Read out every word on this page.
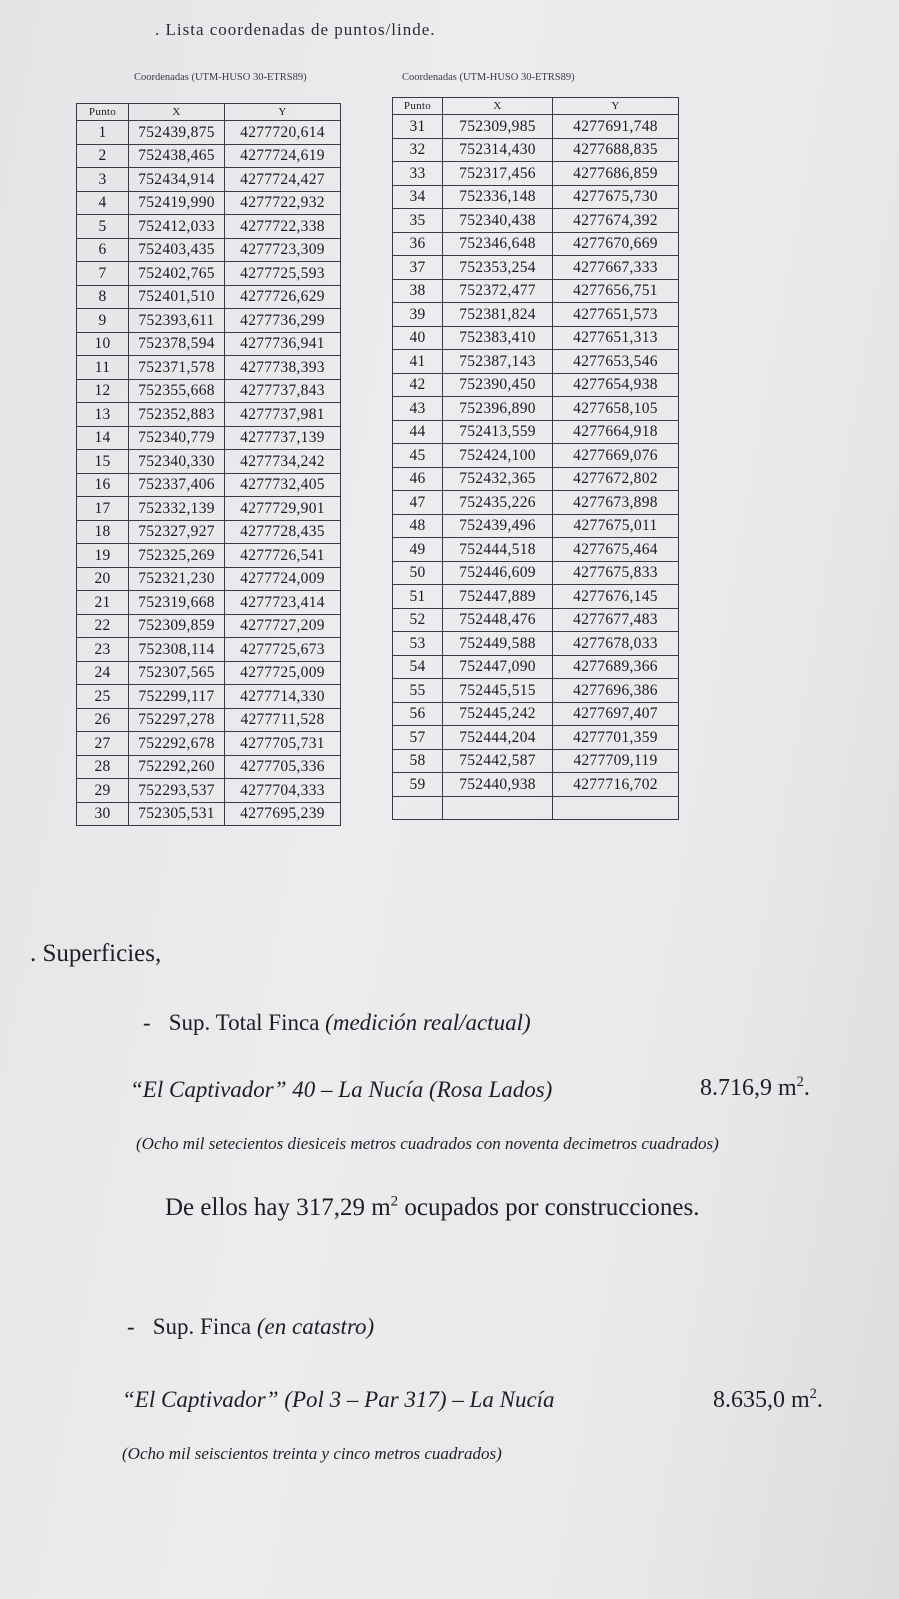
. Lista coordenadas de puntos/linde.
Coordenadas (UTM-HUSO 30-ETRS89)	Coordenadas (UTM-HUSO 30-ETRS89)
Punto	X	Y
1	752439,875	4277720,614
2	752438,465	4277724,619
3	752434,914	4277724,427
4	752419,990	4277722,932
5	752412,033	4277722,338
6	752403,435	4277723,309
7	752402,765	4277725,593
8	752401,510	4277726,629
9	752393,611	4277736,299
10	752378,594	4277736,941
11	752371,578	4277738,393
12	752355,668	4277737,843
13	752352,883	4277737,981
14	752340,779	4277737,139
15	752340,330	4277734,242
16	752337,406	4277732,405
17	752332,139	4277729,901
18	752327,927	4277728,435
19	752325,269	4277726,541
20	752321,230	4277724,009
21	752319,668	4277723,414
22	752309,859	4277727,209
23	752308,114	4277725,673
24	752307,565	4277725,009
25	752299,117	4277714,330
26	752297,278	4277711,528
27	752292,678	4277705,731
28	752292,260	4277705,336
29	752293,537	4277704,333
30	752305,531	4277695,239
Punto	X	Y
31	752309,985	4277691,748
32	752314,430	4277688,835
33	752317,456	4277686,859
34	752336,148	4277675,730
35	752340,438	4277674,392
36	752346,648	4277670,669
37	752353,254	4277667,333
38	752372,477	4277656,751
39	752381,824	4277651,573
40	752383,410	4277651,313
41	752387,143	4277653,546
42	752390,450	4277654,938
43	752396,890	4277658,105
44	752413,559	4277664,918
45	752424,100	4277669,076
46	752432,365	4277672,802
47	752435,226	4277673,898
48	752439,496	4277675,011
49	752444,518	4277675,464
50	752446,609	4277675,833
51	752447,889	4277676,145
52	752448,476	4277677,483
53	752449,588	4277678,033
54	752447,090	4277689,366
55	752445,515	4277696,386
56	752445,242	4277697,407
57	752444,204	4277701,359
58	752442,587	4277709,119
59	752440,938	4277716,702

. Superficies,
- Sup. Total Finca (medición real/actual)
“El Captivador” 40 – La Nucía (Rosa Lados)	8.716,9 $m^2$.
(Ocho mil setecientos diesiceis metros cuadrados con noventa decimetros cuadrados)
De ellos hay 317,29 $m^2$ ocupados por construcciones.
- Sup. Finca (en catastro)
“El Captivador” (Pol 3 – Par 317) – La Nucía	8.635,0 $m^2$.
(Ocho mil seiscientos treinta y cinco metros cuadrados)
